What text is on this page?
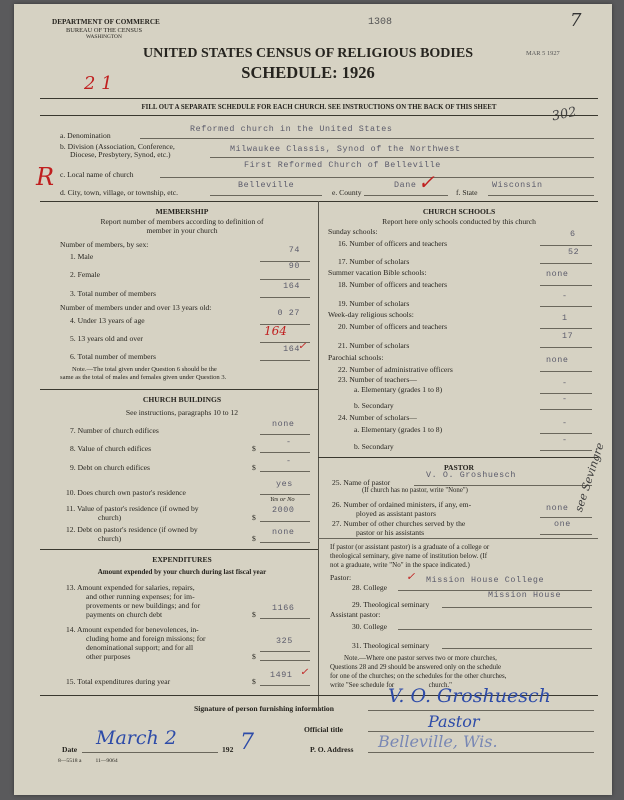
DEPARTMENT OF COMMERCE
BUREAU OF THE CENSUS
WASHINGTON
1308
MAR 5 1927
7
UNITED STATES CENSUS OF RELIGIOUS BODIES
SCHEDULE: 1926
2 1
302
FILL OUT A SEPARATE SCHEDULE FOR EACH CHURCH. SEE INSTRUCTIONS ON THE BACK OF THIS SHEET
a. Denomination
Reformed church in the United States
b. Division (Association, Conference,
Diocese, Presbytery, Synod, etc.)
Milwaukee Classis, Synod of the Northwest
c. Local name of church
First Reformed Church of Belleville
R
d. City, town, village, or township, etc.
Belleville
e. County
Dane ✓	f. State
Wisconsin
MEMBERSHIP
Report number of members according to definition of
member in your church
Number of members, by sex:
1. Male
74
2. Female
90
3. Total number of members
164
Number of members under and over 13 years old:
4. Under 13 years of age
0 27
5. 13 years old and over
164
6. Total number of members
164
✓
Note.—The total given under Question 6 should be the
same as the total of males and females given under Question 3.
CHURCH BUILDINGS
See instructions, paragraphs 10 to 12
7. Number of church edifices
none
8. Value of church edifices	$
-
9. Debt on church edifices	$
-
10. Does church own pastor's residence
yes
Yes or No
11. Value of pastor's residence (if owned by
church)	$
2000
12. Debt on pastor's residence (if owned by
church)	$
none
EXPENDITURES
Amount expended by your church during last fiscal year
13. Amount expended for salaries, repairs,
and other running expenses; for im-
provements or new buildings; and for
payments on church debt	$
1166
14. Amount expended for benevolences, in-
cluding home and foreign missions; for
denominational support; and for all
other purposes
325
$
15. Total expenditures during year	$
1491 ✓
CHURCH SCHOOLS
Report here only schools conducted by this church
Sunday schools:
16. Number of officers and teachers
6
17. Number of scholars
52
Summer vacation Bible schools:
18. Number of officers and teachers
none
19. Number of scholars
-
Week-day religious schools:
20. Number of officers and teachers
1
21. Number of scholars
17
Parochial schools:
22. Number of administrative officers
none
23. Number of teachers—
a. Elementary (grades 1 to 8)
-
b. Secondary
-
24. Number of scholars—
a. Elementary (grades 1 to 8)
-
b. Secondary
-
PASTOR
25. Name of pastor
V. O. Groshuesch
(If church has no pastor, write "None")
26. Number of ordained ministers, if any, em-
ployed as assistant pastors
none
27. Number of other churches served by the
pastor or his assistants
one
If pastor (or assistant pastor) is a graduate of a college or
theological seminary, give name of institution below. (If
not a graduate, write "No" in the space indicated.)
Pastor:
28. College
✓ Mission House College
29. Theological seminary
Mission House
Assistant pastor:
30. College
31. Theological seminary
Note.—Where one pastor serves two or more churches,
Questions 28 and 29 should be answered only on the schedule
for one of the churches; on the schedules for the other churches,
write "See schedule for                    church."
see Sevingre
Signature of person furnishing information
V. O. Groshuesch
Official title	Pastor
Date
March 2
192 7	P. O. Address Belleville, Wis.
8—5518 a          11—9064
